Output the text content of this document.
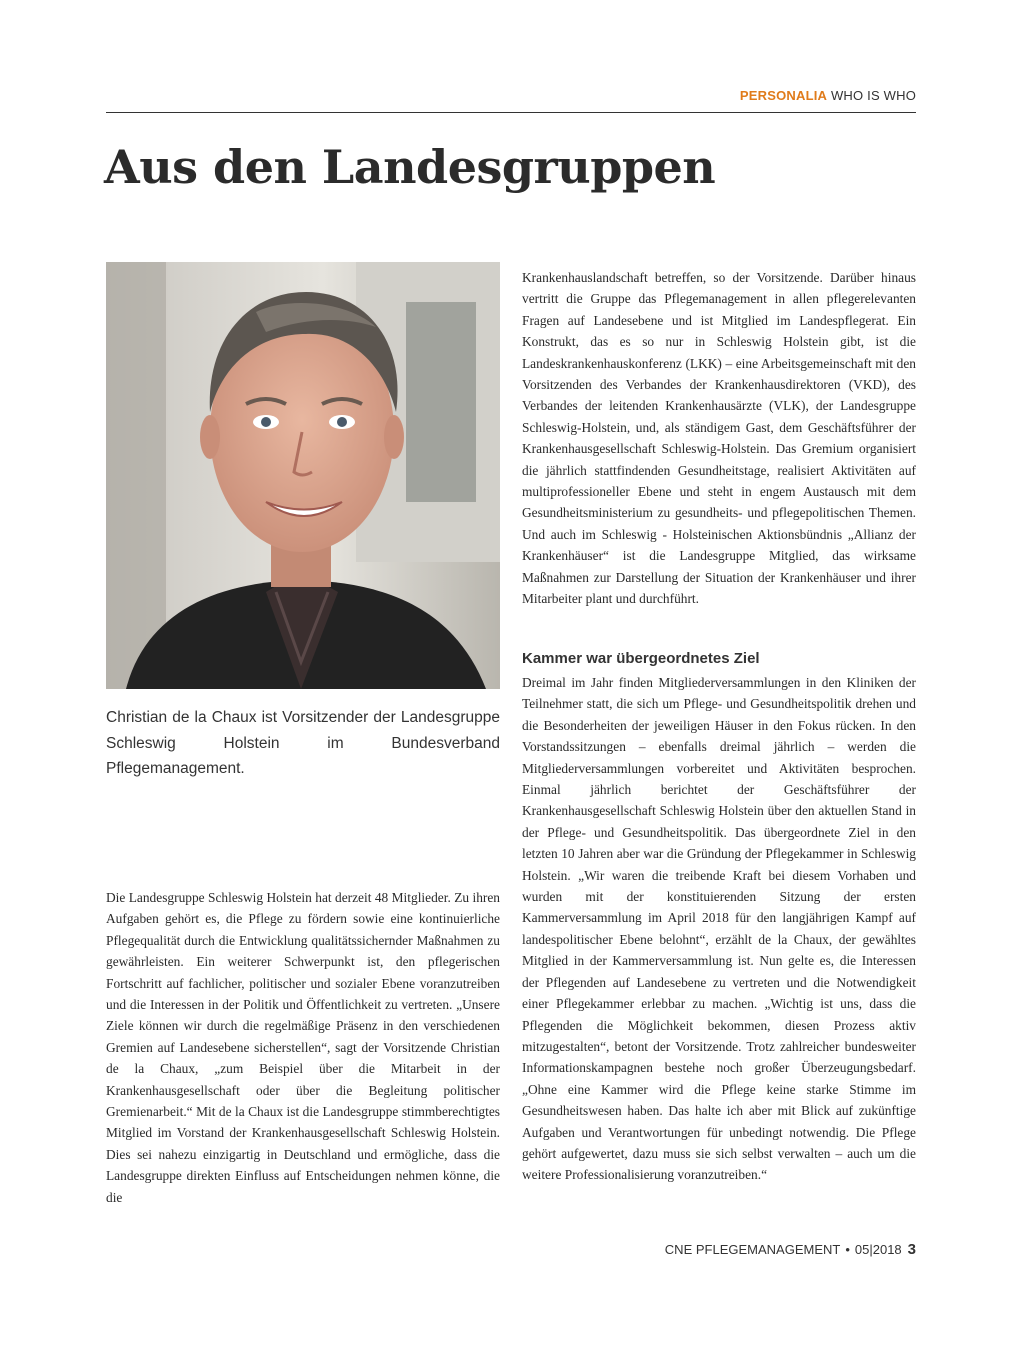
PERSONALIA WHO IS WHO
Aus den Landesgruppen

Christian de la Chaux ist Vorsitzender der Landesgruppe Schleswig Holstein im Bundesverband Pflegemanagement.

Die Landesgruppe Schleswig Holstein hat derzeit 48 Mitglieder. Zu ihren Aufgaben gehört es, die Pflege zu fördern sowie eine kontinuierliche Pflegequalität durch die Entwicklung qualitätssichernder Maßnahmen zu gewährleisten. Ein weiterer Schwerpunkt ist, den pflegerischen Fortschritt auf fachlicher, politischer und sozialer Ebene voranzutreiben und die Interessen in der Politik und Öffentlichkeit zu vertreten. „Unsere Ziele können wir durch die regelmäßige Präsenz in den verschiedenen Gremien auf Landesebene sicherstellen“, sagt der Vorsitzende Christian de la Chaux, „zum Beispiel über die Mitarbeit in der Krankenhausgesellschaft oder über die Begleitung politischer Gremienarbeit.“ Mit de la Chaux ist die Landesgruppe stimmberechtigtes Mitglied im Vorstand der Krankenhausgesellschaft Schleswig Holstein. Dies sei nahezu einzigartig in Deutschland und ermögliche, dass die Landesgruppe direkten Einfluss auf Entscheidungen nehmen könne, die die

Krankenhauslandschaft betreffen, so der Vorsitzende. Darüber hinaus vertritt die Gruppe das Pflegemanagement in allen pflegerelevanten Fragen auf Landesebene und ist Mitglied im Landespflegerat. Ein Konstrukt, das es so nur in Schleswig Holstein gibt, ist die Landeskrankenhauskonferenz (LKK) – eine Arbeitsgemeinschaft mit den Vorsitzenden des Verbandes der Krankenhausdirektoren (VKD), des Verbandes der leitenden Krankenhausärzte (VLK), der Landesgruppe Schleswig-Holstein, und, als ständigem Gast, dem Geschäftsführer der Krankenhausgesellschaft Schleswig-Holstein. Das Gremium organisiert die jährlich stattfindenden Gesundheitstage, realisiert Aktivitäten auf multiprofessioneller Ebene und steht in engem Austausch mit dem Gesundheitsministerium zu gesundheits- und pflegepolitischen Themen. Und auch im Schleswig - Holsteinischen Aktionsbündnis „Allianz der Krankenhäuser“ ist die Landesgruppe Mitglied, das wirksame Maßnahmen zur Darstellung der Situation der Krankenhäuser und ihrer Mitarbeiter plant und durchführt.

Kammer war übergeordnetes Ziel

Dreimal im Jahr finden Mitgliederversammlungen in den Kliniken der Teilnehmer statt, die sich um Pflege- und Gesundheitspolitik drehen und die Besonderheiten der jeweiligen Häuser in den Fokus rücken. In den Vorstandssitzungen – ebenfalls dreimal jährlich – werden die Mitgliederversammlungen vorbereitet und Aktivitäten besprochen. Einmal jährlich berichtet der Geschäftsführer der Krankenhausgesellschaft Schleswig Holstein über den aktuellen Stand in der Pflege- und Gesundheitspolitik. Das übergeordnete Ziel in den letzten 10 Jahren aber war die Gründung der Pflegekammer in Schleswig Holstein. „Wir waren die treibende Kraft bei diesem Vorhaben und wurden mit der konstituierenden Sitzung der ersten Kammerversammlung im April 2018 für den langjährigen Kampf auf landespolitischer Ebene belohnt“, erzählt de la Chaux, der gewähltes Mitglied in der Kammerversammlung ist. Nun gelte es, die Interessen der Pflegenden auf Landesebene zu vertreten und die Notwendigkeit einer Pflegekammer erlebbar zu machen. „Wichtig ist uns, dass die Pflegenden die Möglichkeit bekommen, diesen Prozess aktiv mitzugestalten“, betont der Vorsitzende. Trotz zahlreicher bundesweiter Informationskampagnen bestehe noch großer Überzeugungsbedarf. „Ohne eine Kammer wird die Pflege keine starke Stimme im Gesundheitswesen haben. Das halte ich aber mit Blick auf zukünftige Aufgaben und Verantwortungen für unbedingt notwendig. Die Pflege gehört aufgewertet, dazu muss sie sich selbst verwalten – auch um die weitere Professionalisierung voranzutreiben.“

CNE PFLEGEMANAGEMENT • 05|2018 3
